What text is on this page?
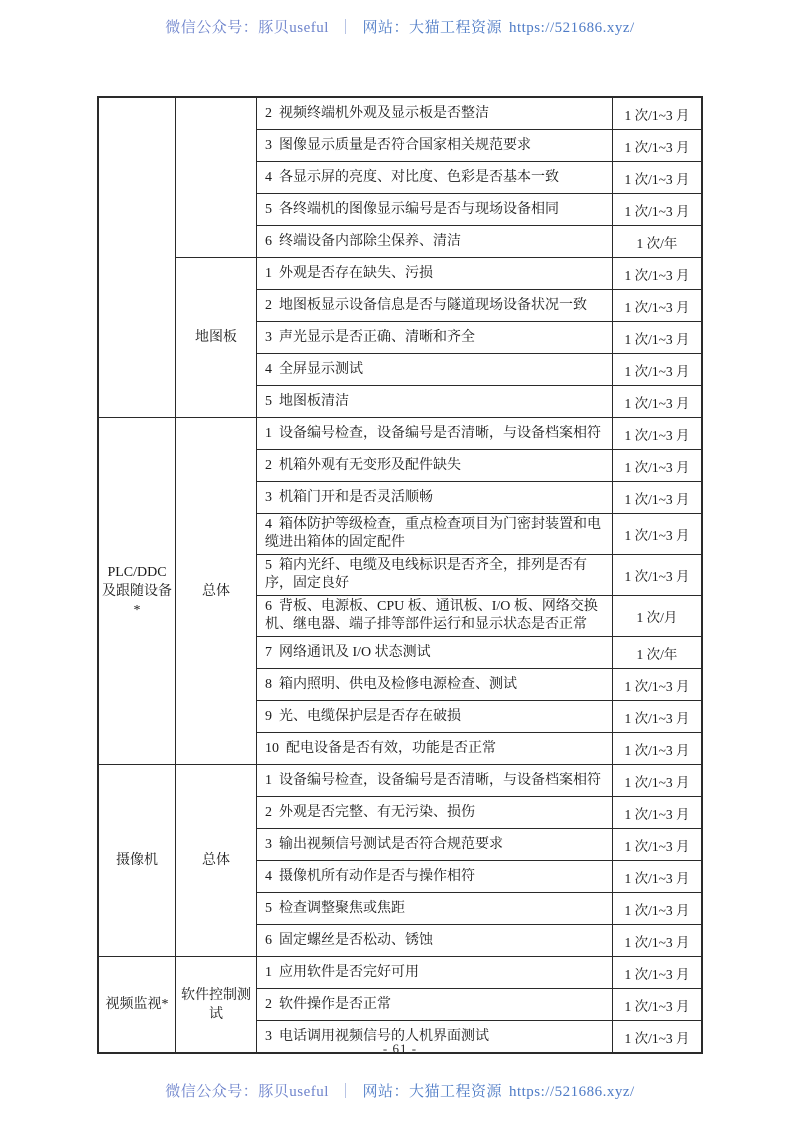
微信公众号：豚贝useful ｜ 网站：大猫工程资源 https://521686.xyz/
2 视频终端机外观及显示板是否整洁	1 次/1~3 月
3 图像显示质量是否符合国家相关规范要求	1 次/1~3 月
4 各显示屏的亮度、对比度、色彩是否基本一致	1 次/1~3 月
5 各终端机的图像显示编号是否与现场设备相同	1 次/1~3 月
6 终端设备内部除尘保养、清洁	1 次/年
地图板
1 外观是否存在缺失、污损	1 次/1~3 月
2 地图板显示设备信息是否与隧道现场设备状况一致	1 次/1~3 月
3 声光显示是否正确、清晰和齐全	1 次/1~3 月
4 全屏显示测试	1 次/1~3 月
5 地图板清洁	1 次/1~3 月
PLC/DDC及跟随设备*
总体
1 设备编号检查，设备编号是否清晰，与设备档案相符	1 次/1~3 月
2 机箱外观有无变形及配件缺失	1 次/1~3 月
3 机箱门开和是否灵活顺畅	1 次/1~3 月
4 箱体防护等级检查，重点检查项目为门密封装置和电缆进出箱体的固定配件	1 次/1~3 月
5 箱内光纤、电缆及电线标识是否齐全，排列是否有序，固定良好	1 次/1~3 月
6 背板、电源板、CPU 板、通讯板、I/O 板、网络交换机、继电器、端子排等部件运行和显示状态是否正常	1 次/月
7 网络通讯及 I/O 状态测试	1 次/年
8 箱内照明、供电及检修电源检查、测试	1 次/1~3 月
9 光、电缆保护层是否存在破损	1 次/1~3 月
10 配电设备是否有效，功能是否正常	1 次/1~3 月
摄像机	总体
1 设备编号检查，设备编号是否清晰，与设备档案相符	1 次/1~3 月
2 外观是否完整、有无污染、损伤	1 次/1~3 月
3 输出视频信号测试是否符合规范要求	1 次/1~3 月
4 摄像机所有动作是否与操作相符	1 次/1~3 月
5 检查调整聚焦或焦距	1 次/1~3 月
6 固定螺丝是否松动、锈蚀	1 次/1~3 月
视频监视*
软件控制测试
1 应用软件是否完好可用	1 次/1~3 月
2 软件操作是否正常	1 次/1~3 月
3 电话调用视频信号的人机界面测试	1 次/1~3 月
- 61 -
微信公众号：豚贝useful ｜ 网站：大猫工程资源 https://521686.xyz/
